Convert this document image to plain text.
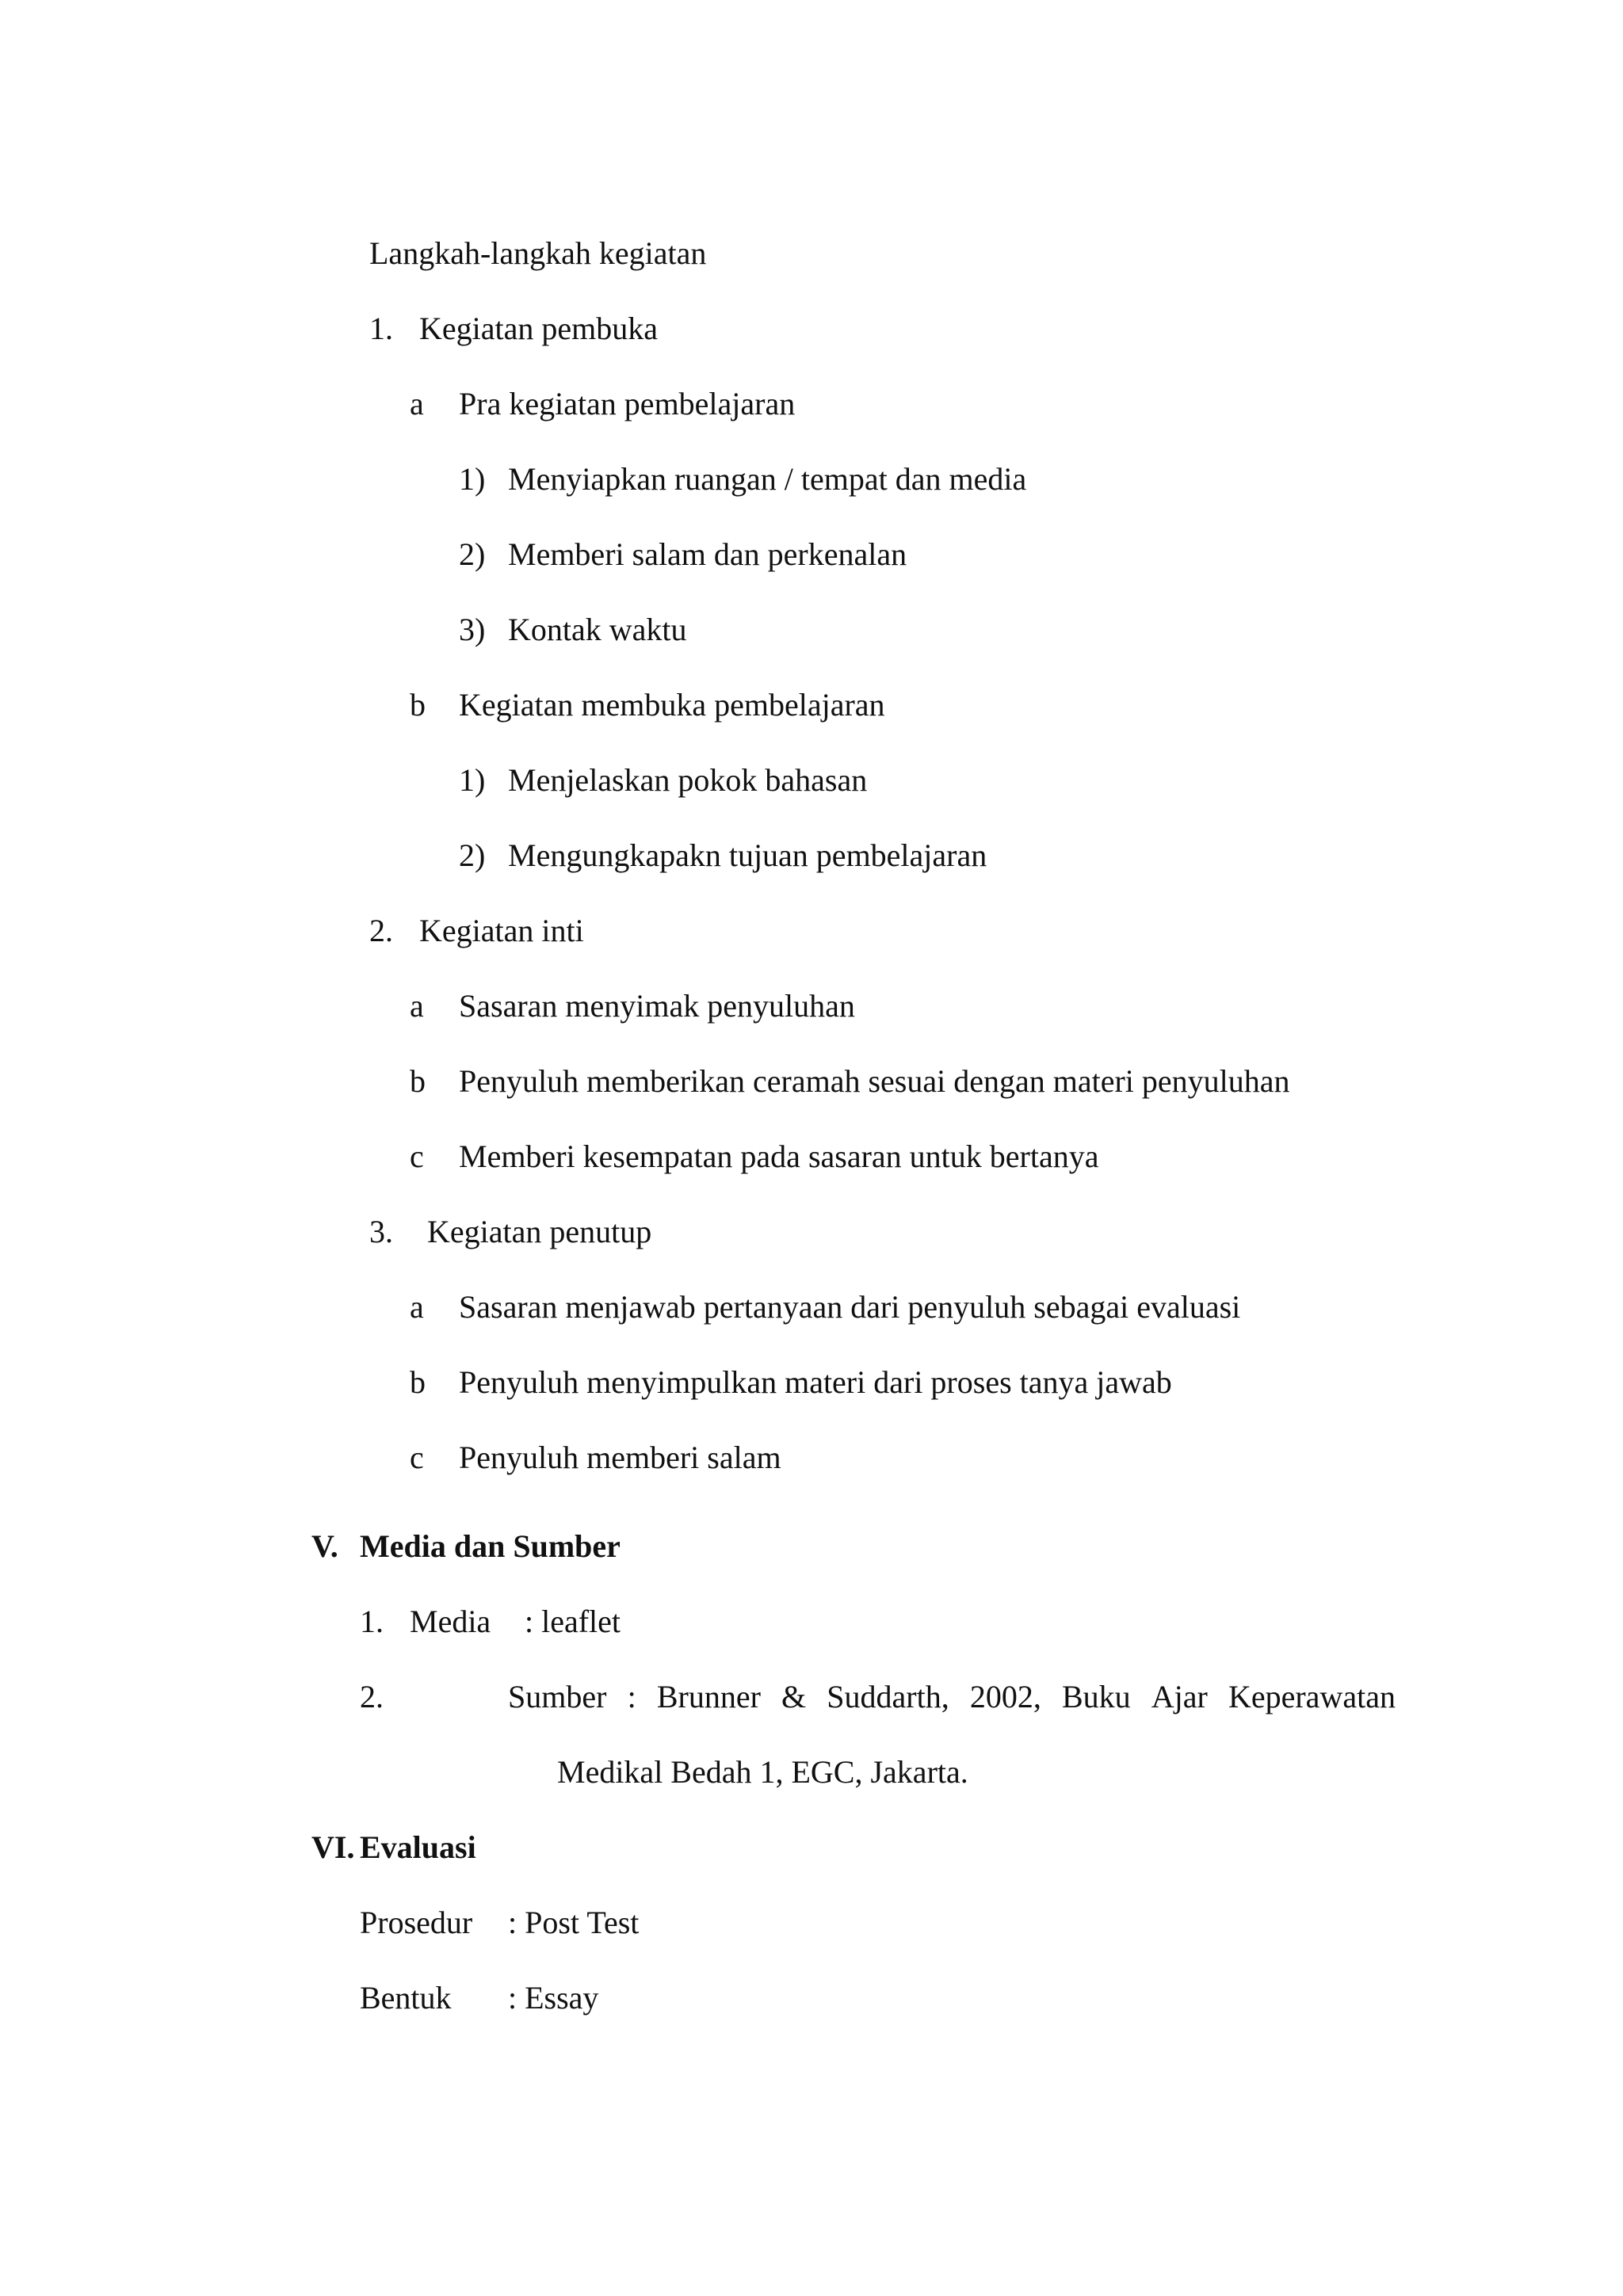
Langkah-langkah kegiatan
1. Kegiatan pembuka
a Pra kegiatan pembelajaran
1) Menyiapkan ruangan / tempat dan media
2) Memberi salam dan perkenalan
3) Kontak waktu
b Kegiatan membuka pembelajaran
1) Menjelaskan pokok bahasan
2) Mengungkapakn tujuan pembelajaran
2. Kegiatan inti
a Sasaran menyimak penyuluhan
b Penyuluh memberikan ceramah sesuai dengan materi penyuluhan
c Memberi kesempatan pada sasaran untuk bertanya
3. Kegiatan penutup
a Sasaran menjawab pertanyaan dari penyuluh sebagai evaluasi
b Penyuluh menyimpulkan materi dari proses tanya jawab
c Penyuluh memberi salam
V. Media dan Sumber
1. Media : leaflet
2.	Sumber : Brunner & Suddarth, 2002, Buku Ajar Keperawatan
Medikal Bedah 1, EGC, Jakarta.
VI. Evaluasi
Prosedur : Post Test
Bentuk : Essay
